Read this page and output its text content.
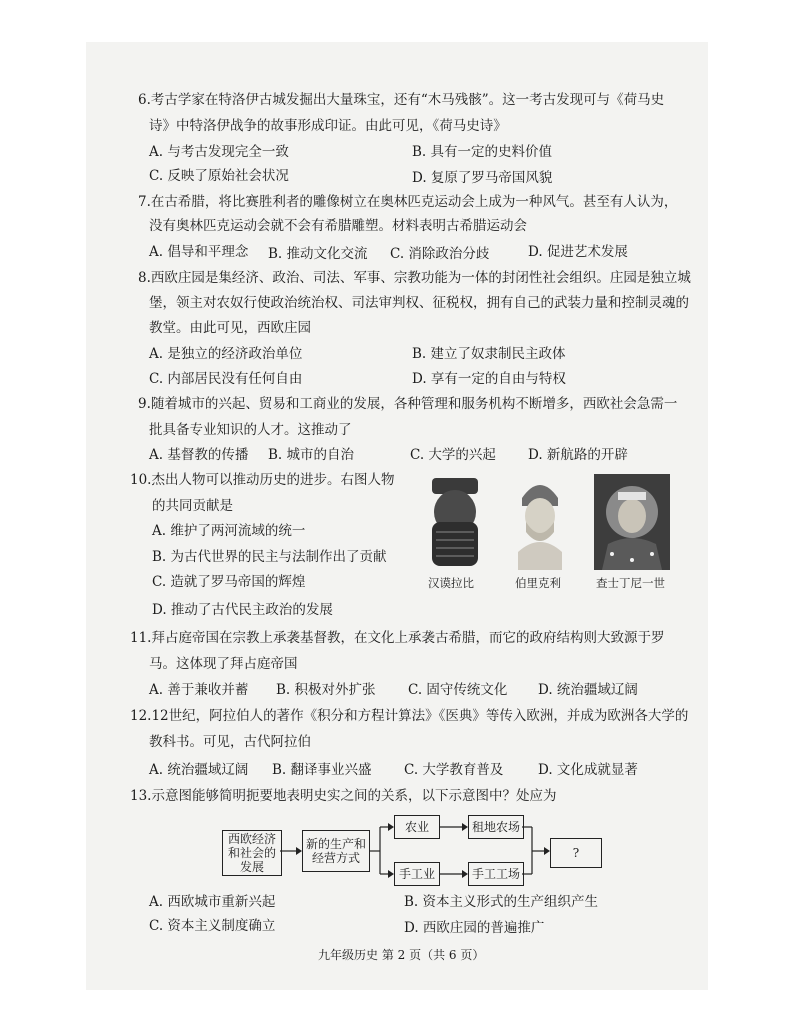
6.考古学家在特洛伊古城发掘出大量珠宝，还有“木马残骸”。这一考古发现可与《荷马史
诗》中特洛伊战争的故事形成印证。由此可见，《荷马史诗》
A. 与考古发现完全一致	B. 具有一定的史料价值
C. 反映了原始社会状况	D. 复原了罗马帝国风貌
7.在古希腊，将比赛胜利者的雕像树立在奥林匹克运动会上成为一种风气。甚至有人认为，
没有奥林匹克运动会就不会有希腊雕塑。材料表明古希腊运动会
A. 倡导和平理念 B. 推动文化交流 C. 消除政治分歧	D. 促进艺术发展
8.西欧庄园是集经济、政治、司法、军事、宗教功能为一体的封闭性社会组织。庄园是独立城
堡，领主对农奴行使政治统治权、司法审判权、征税权，拥有自己的武装力量和控制灵魂的
教堂。由此可见，西欧庄园
A. 是独立的经济政治单位	B. 建立了奴隶制民主政体
C. 内部居民没有任何自由	D. 享有一定的自由与特权
9.随着城市的兴起、贸易和工商业的发展，各种管理和服务机构不断增多，西欧社会急需一
批具备专业知识的人才。这推动了
A. 基督教的传播 B. 城市的自治	C. 大学的兴起 D. 新航路的开辟
10.杰出人物可以推动历史的进步。右图人物
的共同贡献是
A. 维护了两河流域的统一
B. 为古代世界的民主与法制作出了贡献
C. 造就了罗马帝国的辉煌
D. 推动了古代民主政治的发展
汉谟拉比	伯里克利	查士丁尼一世
11.拜占庭帝国在宗教上承袭基督教，在文化上承袭古希腊，而它的政府结构则大致源于罗
马。这体现了拜占庭帝国
A. 善于兼收并蓄 B. 积极对外扩张 C. 固守传统文化 D. 统治疆域辽阔
12.12世纪，阿拉伯人的著作《积分和方程计算法》《医典》等传入欧洲，并成为欧洲各大学的
教科书。可见，古代阿拉伯
A. 统治疆域辽阔 B. 翻译事业兴盛 C. 大学教育普及	D. 文化成就显著
13.示意图能够简明扼要地表明史实之间的关系，以下示意图中？处应为
西欧经济和社会的发展
新的生产和经营方式
农业	租地农场
手工业	手工工场
?
A. 西欧城市重新兴起	B. 资本主义形式的生产组织产生
C. 资本主义制度确立	D. 西欧庄园的普遍推广
九年级历史 第 2 页（共 6 页）
